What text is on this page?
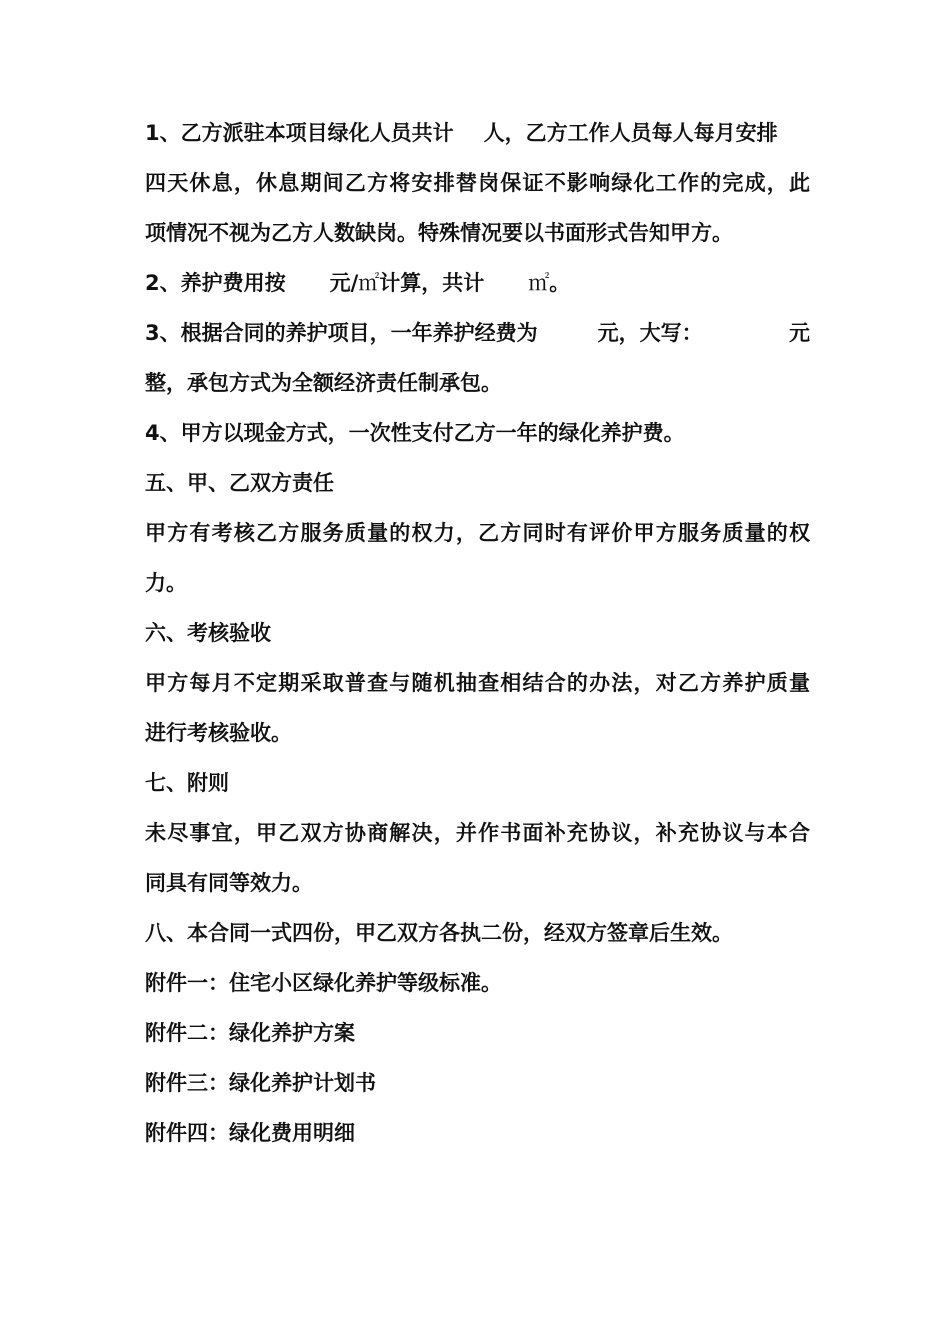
1、乙方派驻本项目绿化人员共计 人，乙方工作人员每人每月安排
四天休息，休息期间乙方将安排替岗保证不影响绿化工作的完成，此
项情况不视为乙方人数缺岗。特殊情况要以书面形式告知甲方。
2、养护费用按 元/㎡计算，共计 ㎡。
3、根据合同的养护项目，一年养护经费为	元，大写：	元
整，承包方式为全额经济责任制承包。
4、甲方以现金方式，一次性支付乙方一年的绿化养护费。
五、甲、乙双方责任
甲方有考核乙方服务质量的权力，乙方同时有评价甲方服务质量的权
力。
六、考核验收
甲方每月不定期采取普查与随机抽查相结合的办法，对乙方养护质量
进行考核验收。
七、附则
未尽事宜，甲乙双方协商解决，并作书面补充协议，补充协议与本合
同具有同等效力。
八、本合同一式四份，甲乙双方各执二份，经双方签章后生效。
附件一：住宅小区绿化养护等级标准。
附件二：绿化养护方案
附件三：绿化养护计划书
附件四：绿化费用明细
